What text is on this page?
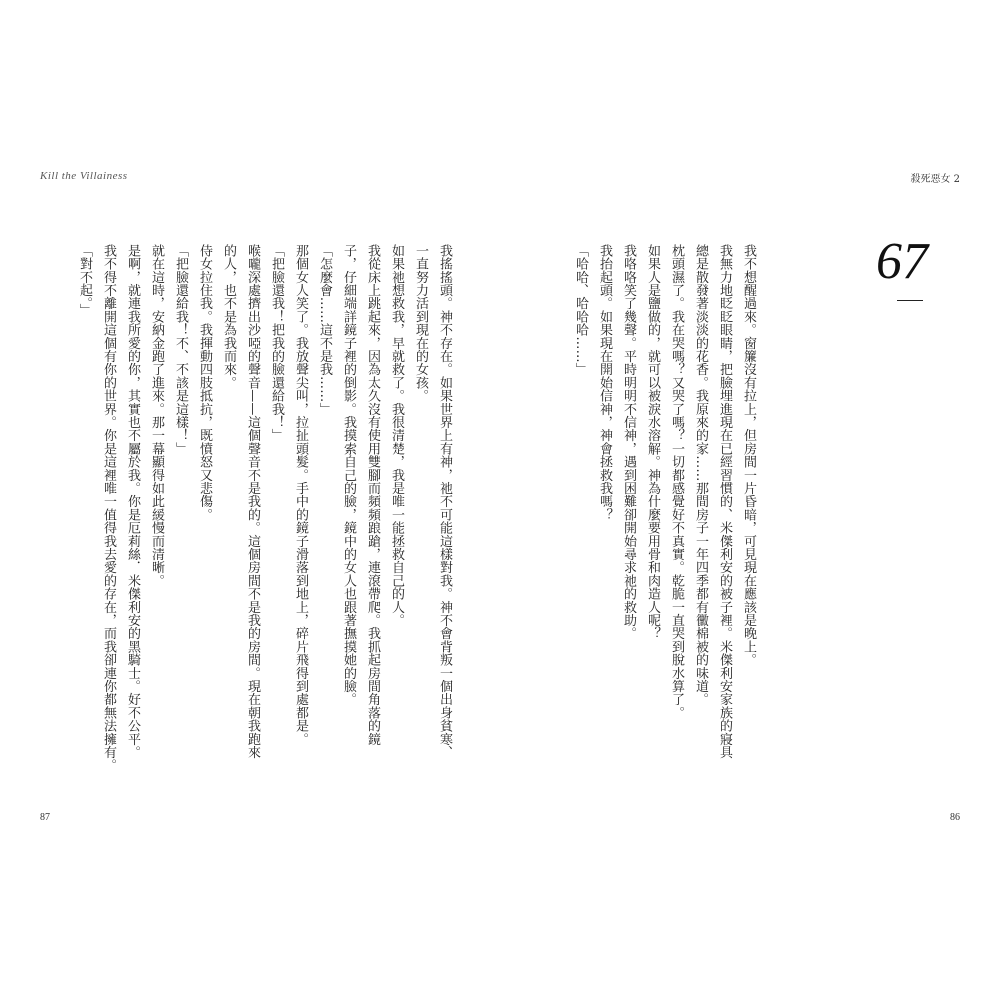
Kill the Villainess	殺死惡女 2
67
我不想醒過來。窗簾沒有拉上，但房間一片昏暗，可見現在應該是晚上。
我無力地眨眨眼睛，把臉埋進現在已經習慣的、米傑利安的被子裡。米傑利安家族的寢具
總是散發著淡淡的花香。我原來的家……那間房子一年四季都有黴棉被的味道。
枕頭濕了。我在哭嗎？又哭了嗎？一切都感覺好不真實。乾脆一直哭到脫水算了。
如果人是鹽做的，就可以被淚水溶解。神為什麼要用骨和肉造人呢？
我咯咯笑了幾聲。平時明明不信神，遇到困難卻開始尋求祂的救助。
我抬起頭。如果現在開始信神，神會拯救我嗎？
「哈哈、哈哈哈……」
我搖搖頭。神不存在。如果世界上有神，祂不可能這樣對我。神不會背叛一個出身貧寒、
一直努力活到現在的女孩。
如果祂想救我，早就救了。我很清楚，我是唯一能拯救自己的人。
我從床上跳起來，因為太久沒有使用雙腳而頻頻踉蹌，連滾帶爬。我抓起房間角落的鏡
子，仔細端詳鏡子裡的倒影。我摸索自己的臉，鏡中的女人也跟著撫摸她的臉。
「怎麼會……這不是我……」
那個女人笑了。我放聲尖叫，拉扯頭髮。手中的鏡子滑落到地上，碎片飛得到處都是。
「把臉還我！把我的臉還給我！」
喉嚨深處擠出沙啞的聲音——這個聲音不是我的。這個房間不是我的房間。現在朝我跑來
的人，也不是為我而來。
侍女拉住我。我揮動四肢抵抗，既憤怒又悲傷。
「把臉還給我！不、不該是這樣！」
就在這時，安納金跑了進來。那一幕顯得如此緩慢而清晰。
是啊，就連我所愛的你，其實也不屬於我。你是厄莉絲．米傑利安的黑騎士。好不公平。
我不得不離開這個有你的世界。你是這裡唯一值得我去愛的存在，而我卻連你都無法擁有。
「對不起。」
87	86
